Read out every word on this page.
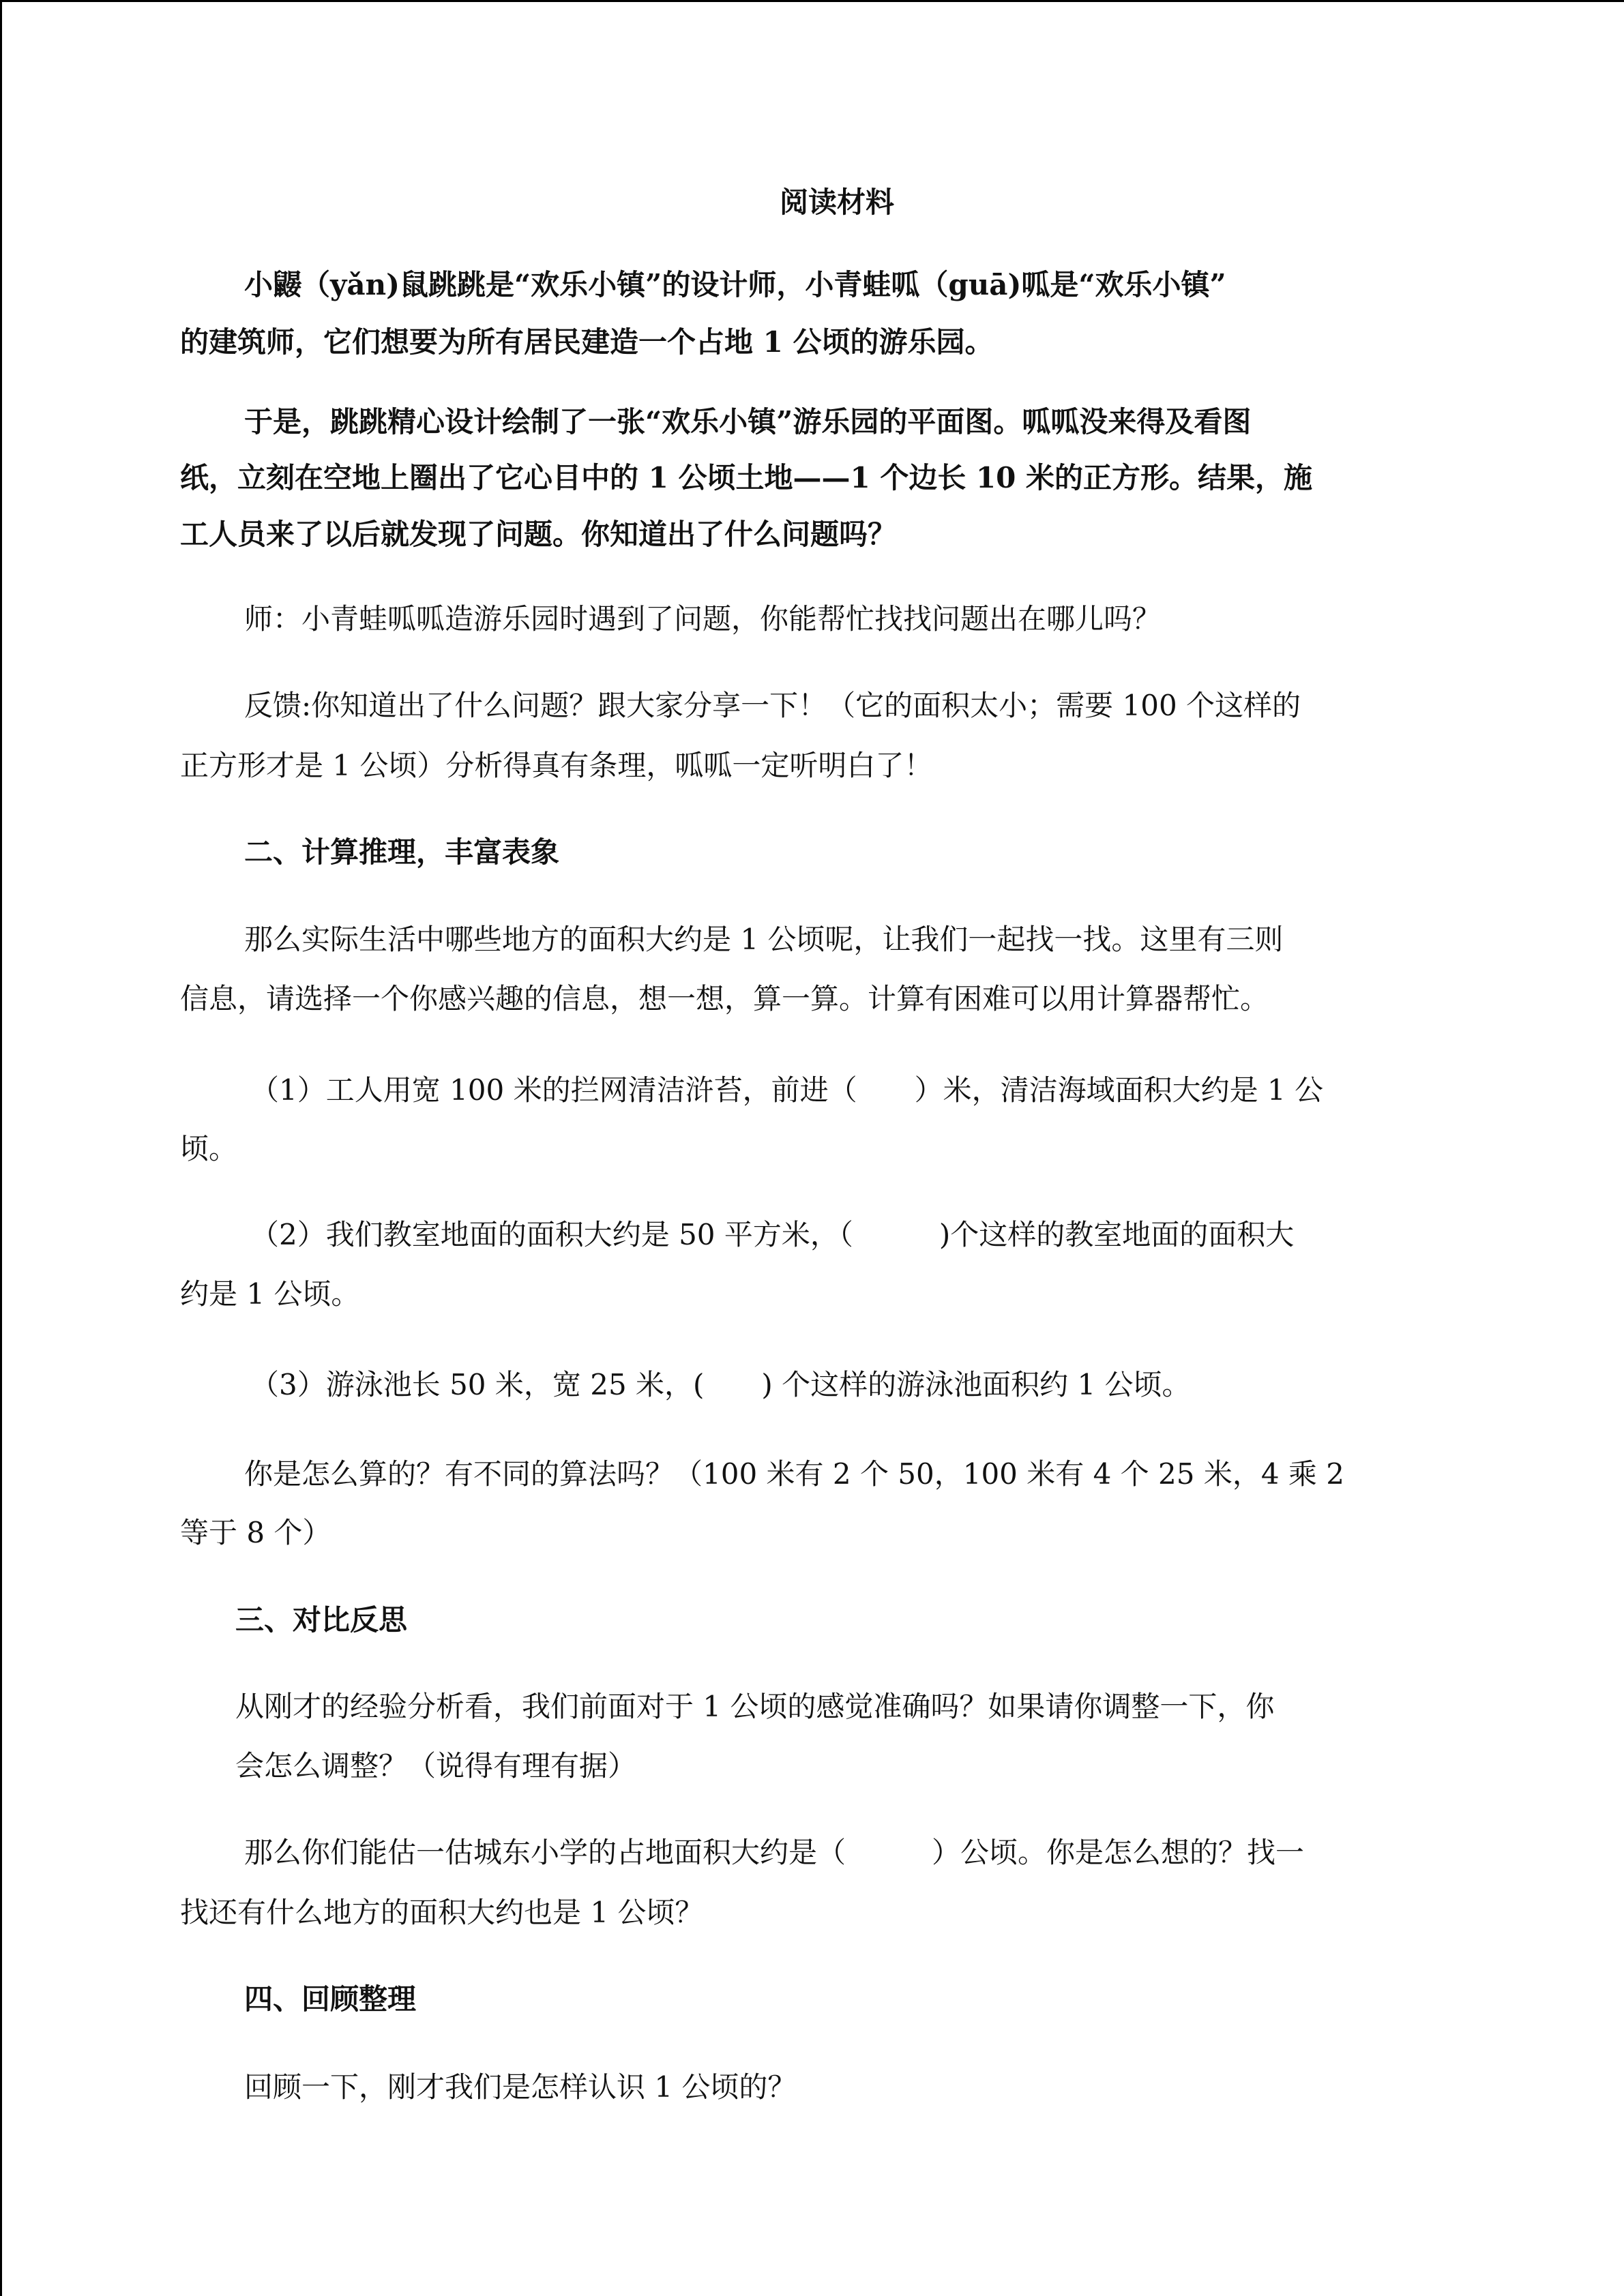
阅读材料
小鼹（yǎn)鼠跳跳是“欢乐小镇”的设计师，小青蛙呱（guā)呱是“欢乐小镇”
的建筑师，它们想要为所有居民建造一个占地 1 公顷的游乐园。
于是，跳跳精心设计绘制了一张“欢乐小镇”游乐园的平面图。呱呱没来得及看图
纸，立刻在空地上圈出了它心目中的 1 公顷土地——1 个边长 10 米的正方形。结果，施
工人员来了以后就发现了问题。你知道出了什么问题吗？
师：小青蛙呱呱造游乐园时遇到了问题，你能帮忙找找问题出在哪儿吗？
反馈:你知道出了什么问题？跟大家分享一下！（它的面积太小；需要 100 个这样的
正方形才是 1 公顷）分析得真有条理，呱呱一定听明白了！
二、计算推理，丰富表象
那么实际生活中哪些地方的面积大约是 1 公顷呢，让我们一起找一找。这里有三则
信息，请选择一个你感兴趣的信息，想一想，算一算。计算有困难可以用计算器帮忙。
（1）工人用宽 100 米的拦网清洁浒苔，前进（　　）米，清洁海域面积大约是 1 公
顷。
（2）我们教室地面的面积大约是 50 平方米，（　　　)个这样的教室地面的面积大
约是 1 公顷。
（3）游泳池长 50 米，宽 25 米，(　　) 个这样的游泳池面积约 1 公顷。
你是怎么算的？有不同的算法吗？（100 米有 2 个 50，100 米有 4 个 25 米，4 乘 2
等于 8 个）
三、对比反思
从刚才的经验分析看，我们前面对于 1 公顷的感觉准确吗？如果请你调整一下，你
会怎么调整？（说得有理有据）
那么你们能估一估城东小学的占地面积大约是（　　　）公顷。你是怎么想的？找一
找还有什么地方的面积大约也是 1 公顷？
四、回顾整理
回顾一下，刚才我们是怎样认识 1 公顷的？
